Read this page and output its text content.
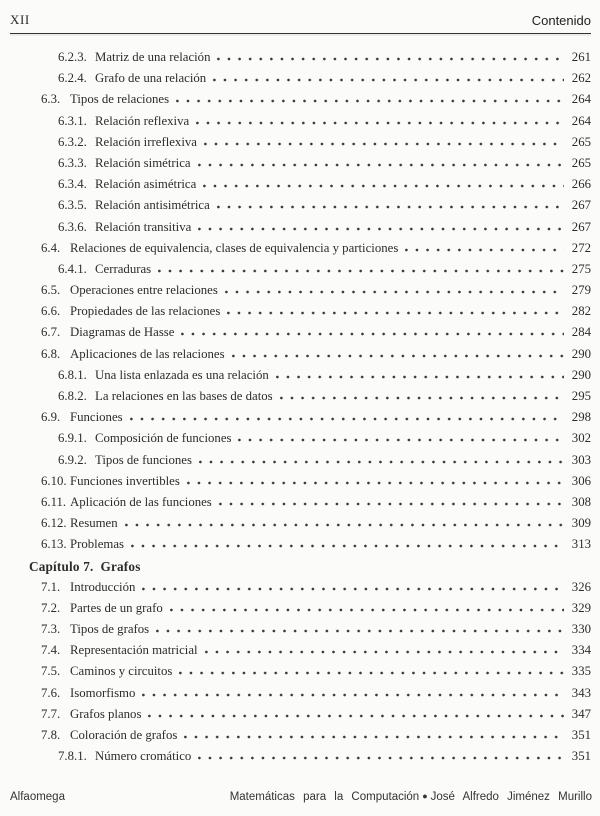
XII	Contenido
6.2.3. Matriz de una relación	261
6.2.4. Grafo de una relación	262
6.3. Tipos de relaciones	264
6.3.1. Relación reflexiva	264
6.3.2. Relación irreflexiva	265
6.3.3. Relación simétrica	265
6.3.4. Relación asimétrica	266
6.3.5. Relación antisimétrica	267
6.3.6. Relación transitiva	267
6.4. Relaciones de equivalencia, clases de equivalencia y particiones	272
6.4.1. Cerraduras	275
6.5. Operaciones entre relaciones	279
6.6. Propiedades de las relaciones	282
6.7. Diagramas de Hasse	284
6.8. Aplicaciones de las relaciones	290
6.8.1. Una lista enlazada es una relación	290
6.8.2. La relaciones en las bases de datos	295
6.9. Funciones	298
6.9.1. Composición de funciones	302
6.9.2. Tipos de funciones	303
6.10. Funciones invertibles	306
6.11. Aplicación de las funciones	308
6.12. Resumen	309
6.13. Problemas	313
Capítulo 7. Grafos
7.1. Introducción	326
7.2. Partes de un grafo	329
7.3. Tipos de grafos	330
7.4. Representación matricial	334
7.5. Caminos y circuitos	335
7.6. Isomorfismo	343
7.7. Grafos planos	347
7.8. Coloración de grafos	351
7.8.1. Número cromático	351
Alfaomega	Matemáticas para la Computación ● José Alfredo Jiménez Murillo
